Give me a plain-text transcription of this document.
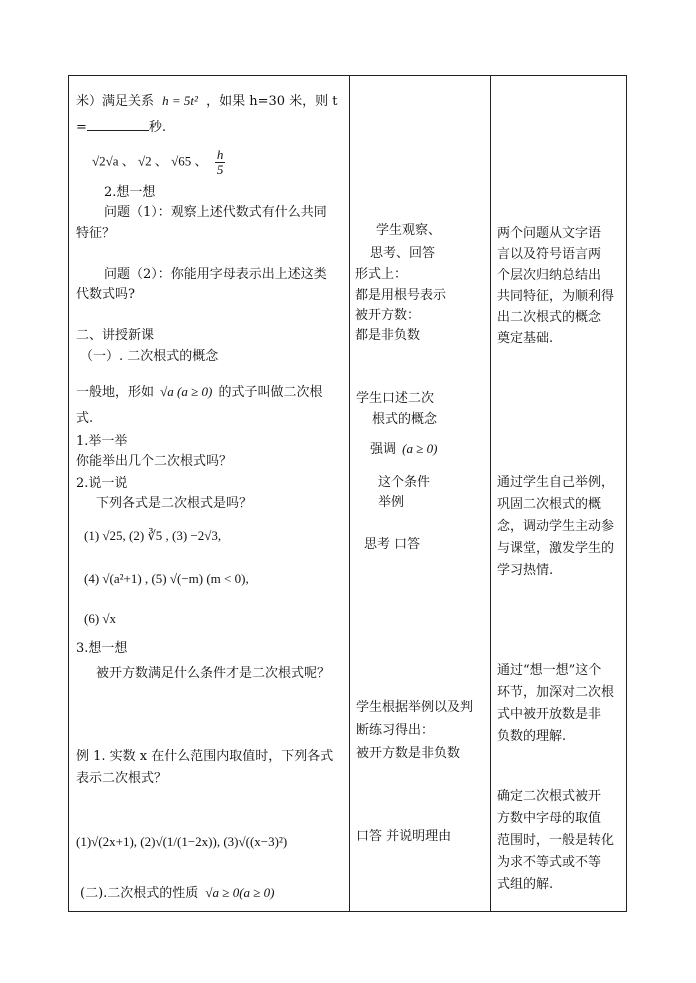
米）满足关系 h = 5t² ，如果 h=30 米，则 t
=	秒.
√2√a 、 √2 、 √65 、 $\frac{h}{5}$
2.想一想
问题（1）：观察上述代数式有什么共同
特征？
问题（2）：你能用字母表示出上述这类
代数式吗?
二、讲授新课
（一）. 二次根式的概念
一般地，形如 √a (a ≥ 0) 的式子叫做二次根
式.
1.举一举
你能举出几个二次根式吗？
2.说一说
下列各式是二次根式是吗？
(1) √25, (2) ∛5 , (3) −2√3,
(4) √(a²+1) , (5) √(−m) (m < 0),
(6) √x
3.想一想
被开方数满足什么条件才是二次根式呢？
例 1. 实数 x 在什么范围内取值时，下列各式
表示二次根式？
(1)√(2x+1), (2)√(1/(1−2x)), (3)√((x−3)²)
(二).二次根式的性质 √a ≥ 0(a ≥ 0)
学生观察、
思考、回答
形式上：
都是用根号表示
被开方数：
都是非负数
学生口述二次
根式的概念
强调 (a ≥ 0)
这个条件
举例
思考 口答
学生根据举例以及判
断练习得出：
被开方数是非负数
口答 并说明理由
两个问题从文字语
言以及符号语言两
个层次归纳总结出
共同特征，为顺利得
出二次根式的概念
奠定基础.
通过学生自己举例，
巩固二次根式的概
念，调动学生主动参
与课堂，激发学生的
学习热情.
通过“想一想”这个
环节，加深对二次根
式中被开放数是非
负数的理解.
确定二次根式被开
方数中字母的取值
范围时，一般是转化
为求不等式或不等
式组的解.
